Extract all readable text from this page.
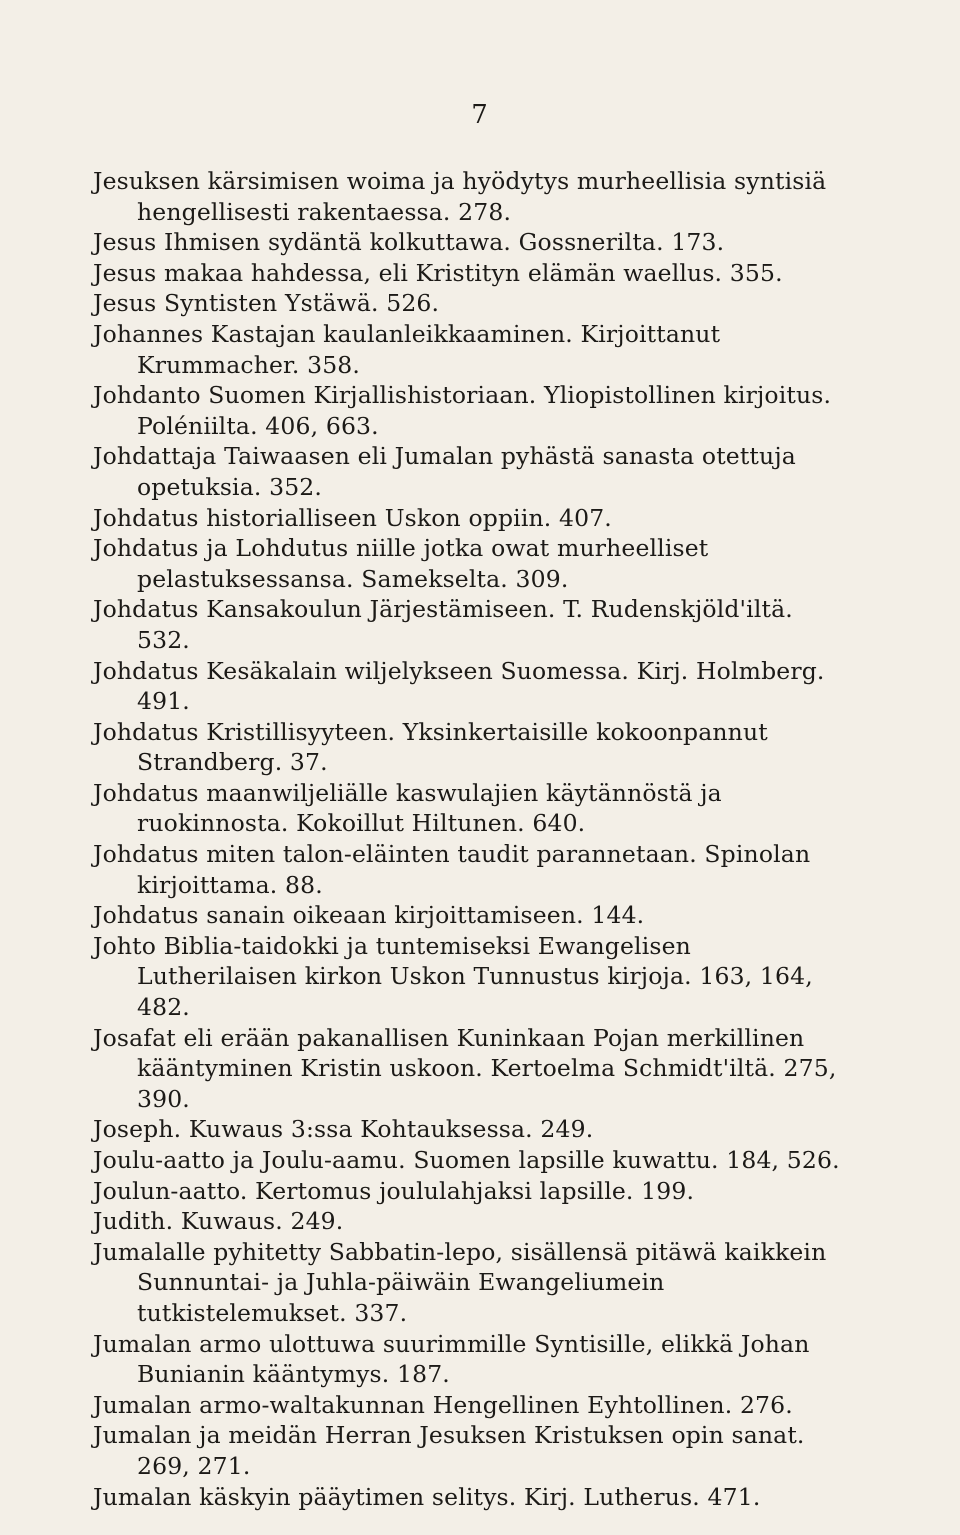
7
Jesuksen kärsimisen woima ja hyödytys murheellisia syntisiä hengellisesti rakentaessa. 278.
Jesus Ihmisen sydäntä kolkuttawa. Gossnerilta. 173.
Jesus makaa hahdessa, eli Kristityn elämän waellus. 355.
Jesus Syntisten Ystäwä. 526.
Johannes Kastajan kaulanleikkaaminen. Kirjoittanut Krummacher. 358.
Johdanto Suomen Kirjallishistoriaan. Yliopistollinen kirjoitus. Poléniilta. 406, 663.
Johdattaja Taiwaasen eli Jumalan pyhästä sanasta otettuja opetuksia. 352.
Johdatus historialliseen Uskon oppiin. 407.
Johdatus ja Lohdutus niille jotka owat murheelliset pelastuksessansa. Samekselta. 309.
Johdatus Kansakoulun Järjestämiseen. T. Rudenskjöld'iltä. 532.
Johdatus Kesäkalain wiljelykseen Suomessa. Kirj. Holmberg. 491.
Johdatus Kristillisyyteen. Yksinkertaisille kokoonpannut Strandberg. 37.
Johdatus maanwiljeliälle kaswulajien käytännöstä ja ruokinnosta. Kokoillut Hiltunen. 640.
Johdatus miten talon-eläinten taudit parannetaan. Spinolan kirjoittama. 88.
Johdatus sanain oikeaan kirjoittamiseen. 144.
Johto Biblia-taidokki ja tuntemiseksi Ewangelisen Lutherilaisen kirkon Uskon Tunnustus kirjoja. 163, 164, 482.
Josafat eli erään pakanallisen Kuninkaan Pojan merkillinen kääntyminen Kristin uskoon. Kertoelma Schmidt'iltä. 275, 390.
Joseph. Kuwaus 3:ssa Kohtauksessa. 249.
Joulu-aatto ja Joulu-aamu. Suomen lapsille kuwattu. 184, 526.
Joulun-aatto. Kertomus joululahjaksi lapsille. 199.
Judith. Kuwaus. 249.
Jumalalle pyhitetty Sabbatin-lepo, sisällensä pitäwä kaikkein Sunnuntai- ja Juhla-päiwäin Ewangeliumein tutkistelemukset. 337.
Jumalan armo ulottuwa suurimmille Syntisille, elikkä Johan Bunianin kääntymys. 187.
Jumalan armo-waltakunnan Hengellinen Eyhtollinen. 276.
Jumalan ja meidän Herran Jesuksen Kristuksen opin sanat. 269, 271.
Jumalan käskyin pääytimen selitys. Kirj. Lutherus. 471.
